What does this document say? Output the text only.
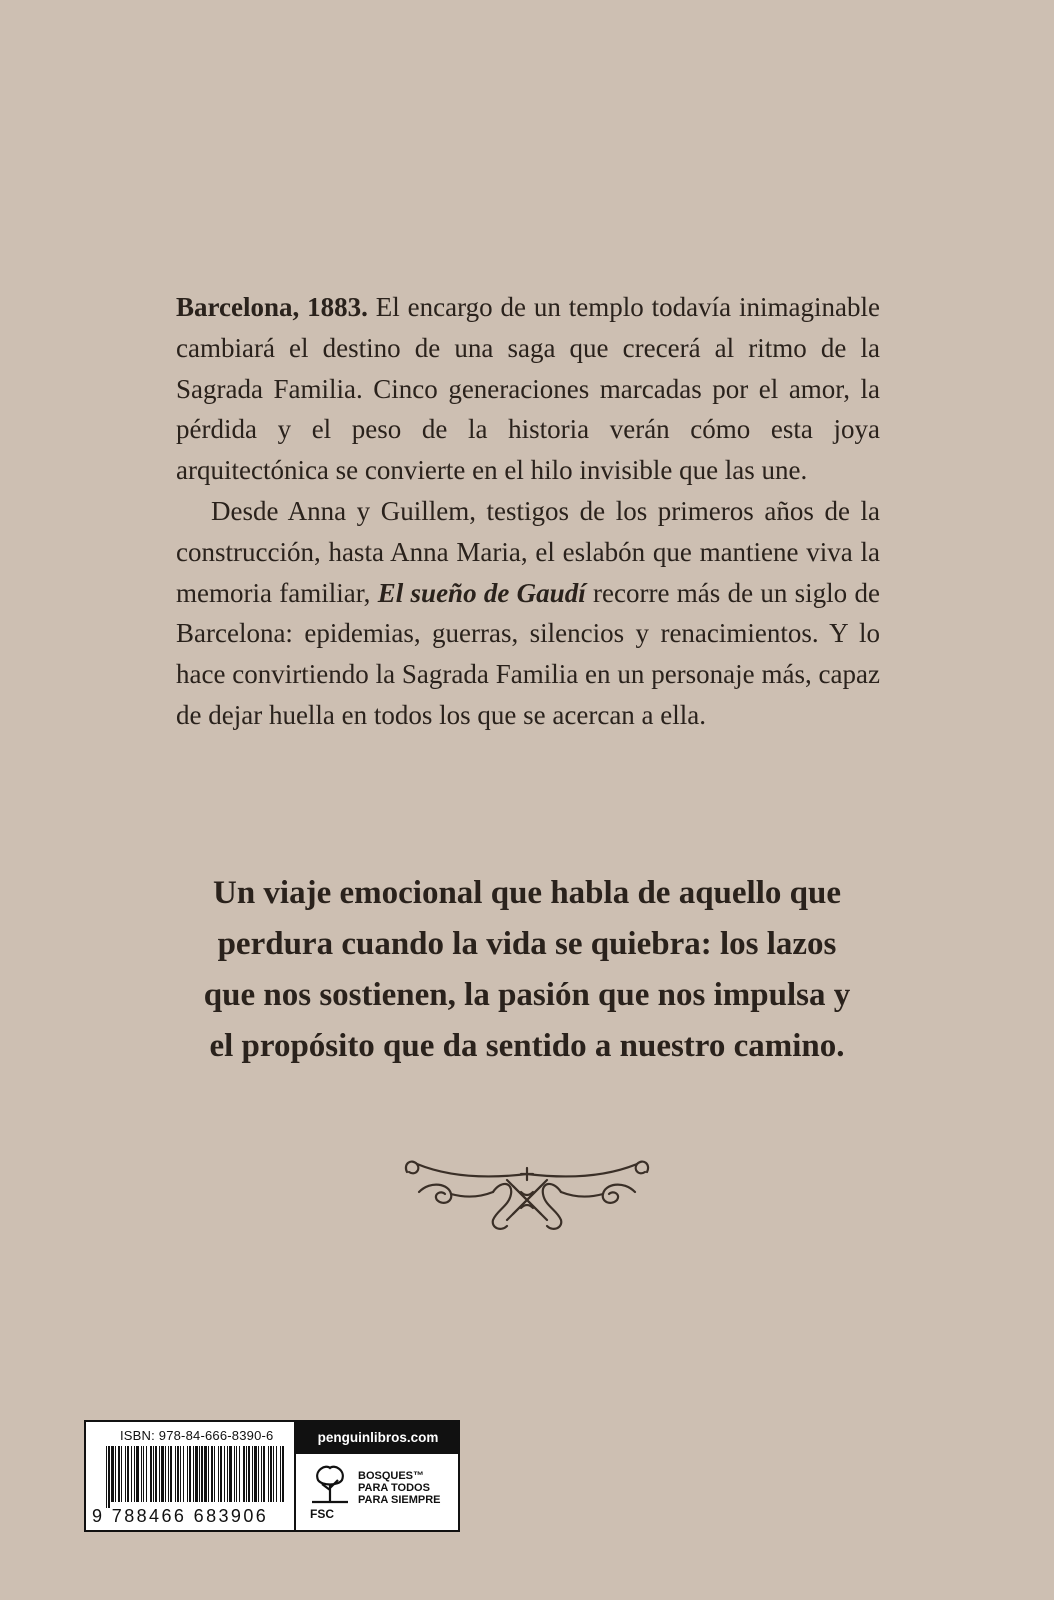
Barcelona, 1883. El encargo de un templo todavía inimaginable cambiará el destino de una saga que crecerá al ritmo de la Sagrada Familia. Cinco generaciones marcadas por el amor, la pérdida y el peso de la historia verán cómo esta joya arquitectónica se convierte en el hilo invisible que las une.

Desde Anna y Guillem, testigos de los primeros años de la construcción, hasta Anna Maria, el eslabón que mantiene viva la memoria familiar, El sueño de Gaudí recorre más de un siglo de Barcelona: epidemias, guerras, silencios y renacimientos. Y lo hace convirtiendo la Sagrada Familia en un personaje más, capaz de dejar huella en todos los que se acercan a ella.

Un viaje emocional que habla de aquello que
perdura cuando la vida se quiebra: los lazos
que nos sostienen, la pasión que nos impulsa y
el propósito que da sentido a nuestro camino.
ISBN: 978-84-666-8390-6
9 788466 683906
penguinlibros.com
BOSQUES™
PARA TODOS
PARA SIEMPRE
FSC
